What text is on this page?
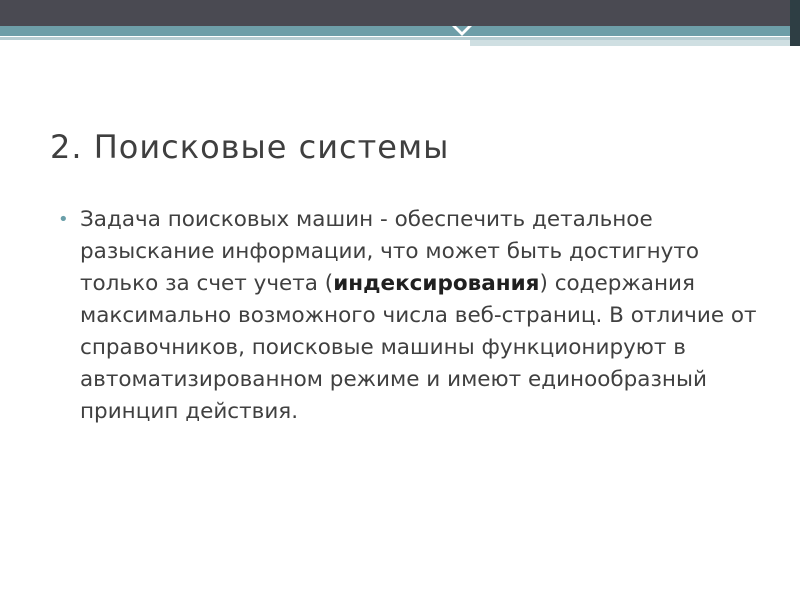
2. Поисковые системы
• Задача поисковых машин - обеспечить детальное разыскание информации, что может быть достигнуто только за счет учета (индексирования) содержания максимально возможного числа веб-страниц. В отличие от справочников, поисковые машины функционируют в автоматизированном режиме и имеют единообразный принцип действия.
